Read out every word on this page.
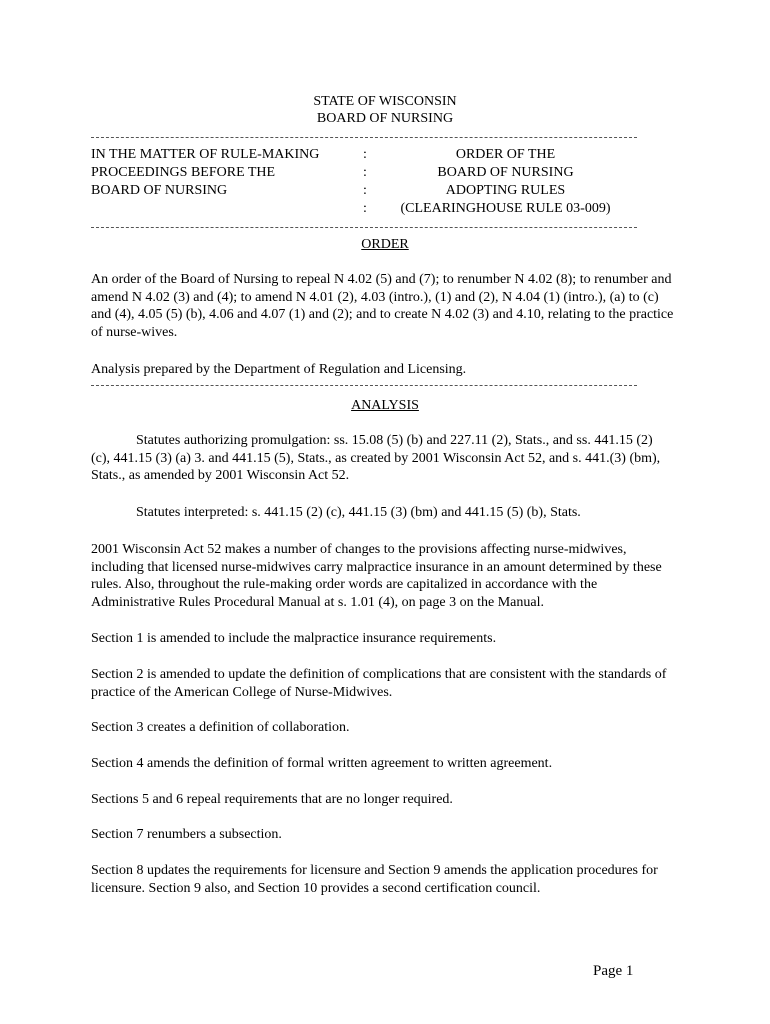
STATE OF WISCONSIN
BOARD OF NURSING
IN THE MATTER OF RULE-MAKING
PROCEEDINGS BEFORE THE
BOARD OF NURSING
:
:
:
:
ORDER OF THE
BOARD OF NURSING
ADOPTING RULES
(CLEARINGHOUSE RULE 03-009)
ORDER
An order of the Board of Nursing to repeal N 4.02 (5) and (7); to renumber N 4.02 (8); to renumber and amend N 4.02 (3) and (4); to amend N 4.01 (2), 4.03 (intro.), (1) and (2), N 4.04 (1) (intro.), (a) to (c) and (4), 4.05 (5) (b), 4.06 and 4.07 (1) and (2); and to create N 4.02 (3) and 4.10, relating to the practice of nurse-wives.
Analysis prepared by the Department of Regulation and Licensing.
ANALYSIS
Statutes authorizing promulgation: ss. 15.08 (5) (b) and 227.11 (2), Stats., and ss. 441.15 (2) (c), 441.15 (3) (a) 3. and 441.15 (5), Stats., as created by 2001 Wisconsin Act 52, and s. 441.(3) (bm), Stats., as amended by 2001 Wisconsin Act 52.
Statutes interpreted: s. 441.15 (2) (c), 441.15 (3) (bm) and 441.15 (5) (b), Stats.
2001 Wisconsin Act 52 makes a number of changes to the provisions affecting nurse-midwives, including that licensed nurse-midwives carry malpractice insurance in an amount determined by these rules. Also, throughout the rule-making order words are capitalized in accordance with the Administrative Rules Procedural Manual at s. 1.01 (4), on page 3 on the Manual.
Section 1 is amended to include the malpractice insurance requirements.
Section 2 is amended to update the definition of complications that are consistent with the standards of practice of the American College of Nurse-Midwives.
Section 3 creates a definition of collaboration.
Section 4 amends the definition of formal written agreement to written agreement.
Sections 5 and 6 repeal requirements that are no longer required.
Section 7 renumbers a subsection.
Section 8 updates the requirements for licensure and Section 9 amends the application procedures for licensure. Section 9 also, and Section 10 provides a second certification council.
Page 1
